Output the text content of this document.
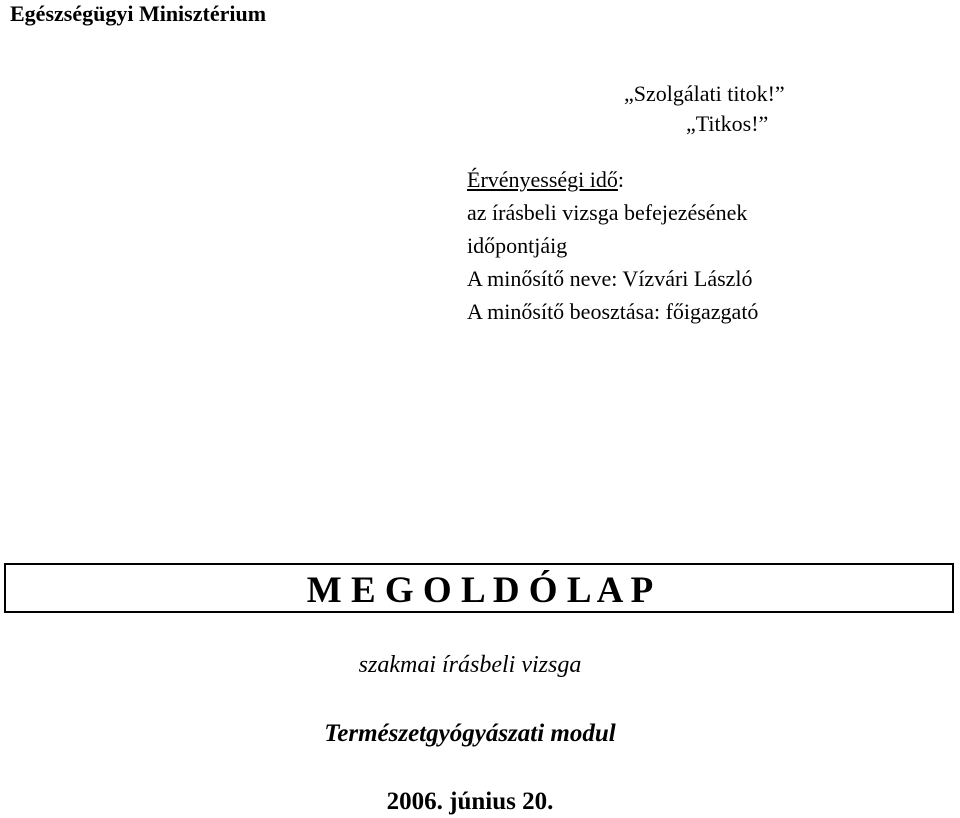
Egészségügyi Minisztérium
„Szolgálati titok!”
„Titkos!”
Érvényességi idő:
az írásbeli vizsga befejezésének
időpontjáig
A minősítő neve: Vízvári László
A minősítő beosztása: főigazgató
M E G O L D Ó L A P
szakmai írásbeli vizsga
Természetgyógyászati modul
2006. június 20.
